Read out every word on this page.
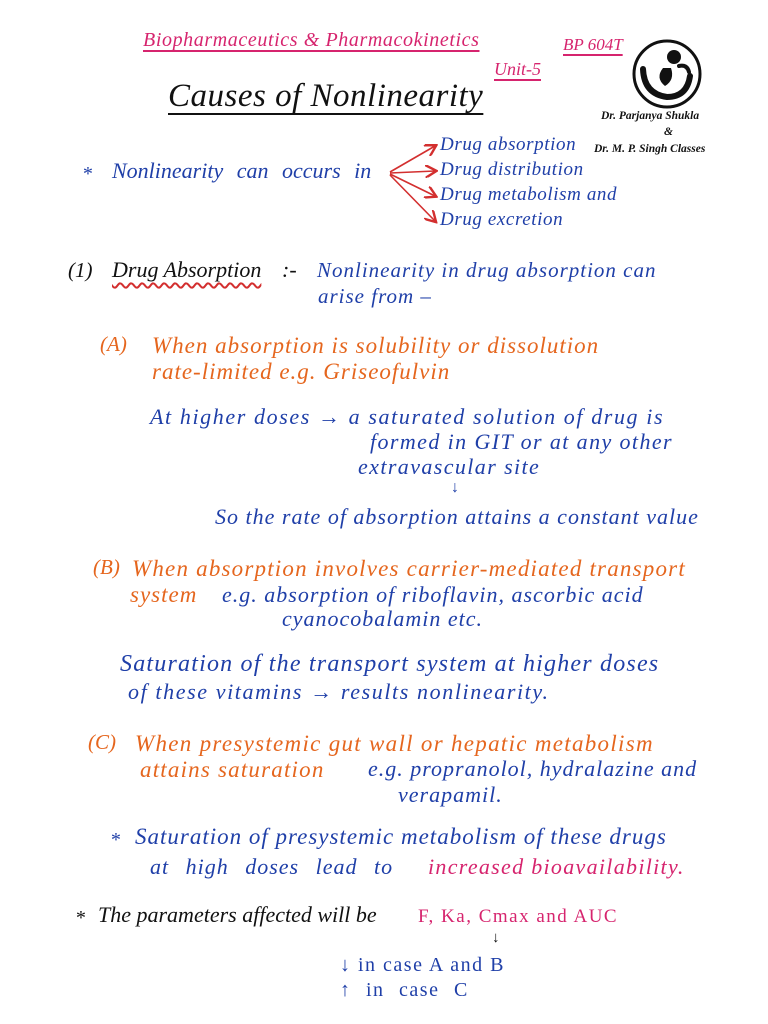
Biopharmaceutics & Pharmacokinetics	BP 604T
Unit-5
Dr. Parjanya Shukla
&
Dr. M. P. Singh Classes
Causes of Nonlinearity
* Nonlinearity can occurs in
Drug absorption
Drug distribution
Drug metabolism and
Drug excretion
(1) Drug Absorption :- Nonlinearity in drug absorption can
arise from –
(A) When absorption is solubility or dissolution
rate-limited e.g. Griseofulvin
At higher doses → a saturated solution of drug is
formed in GIT or at any other
extravascular site
↓
So the rate of absorption attains a constant value
(B) When absorption involves carrier-mediated transport
system e.g. absorption of riboflavin, ascorbic acid
cyanocobalamin etc.
Saturation of the transport system at higher doses
of these vitamins → results nonlinearity.
(C) When presystemic gut wall or hepatic metabolism
attains saturation e.g. propranolol, hydralazine and
verapamil.
* Saturation of presystemic metabolism of these drugs
at high doses lead to increased bioavailability.
* The parameters affected will be F, Ka, Cmax and AUC
↓
↓ in case A and B
↑ in case C
